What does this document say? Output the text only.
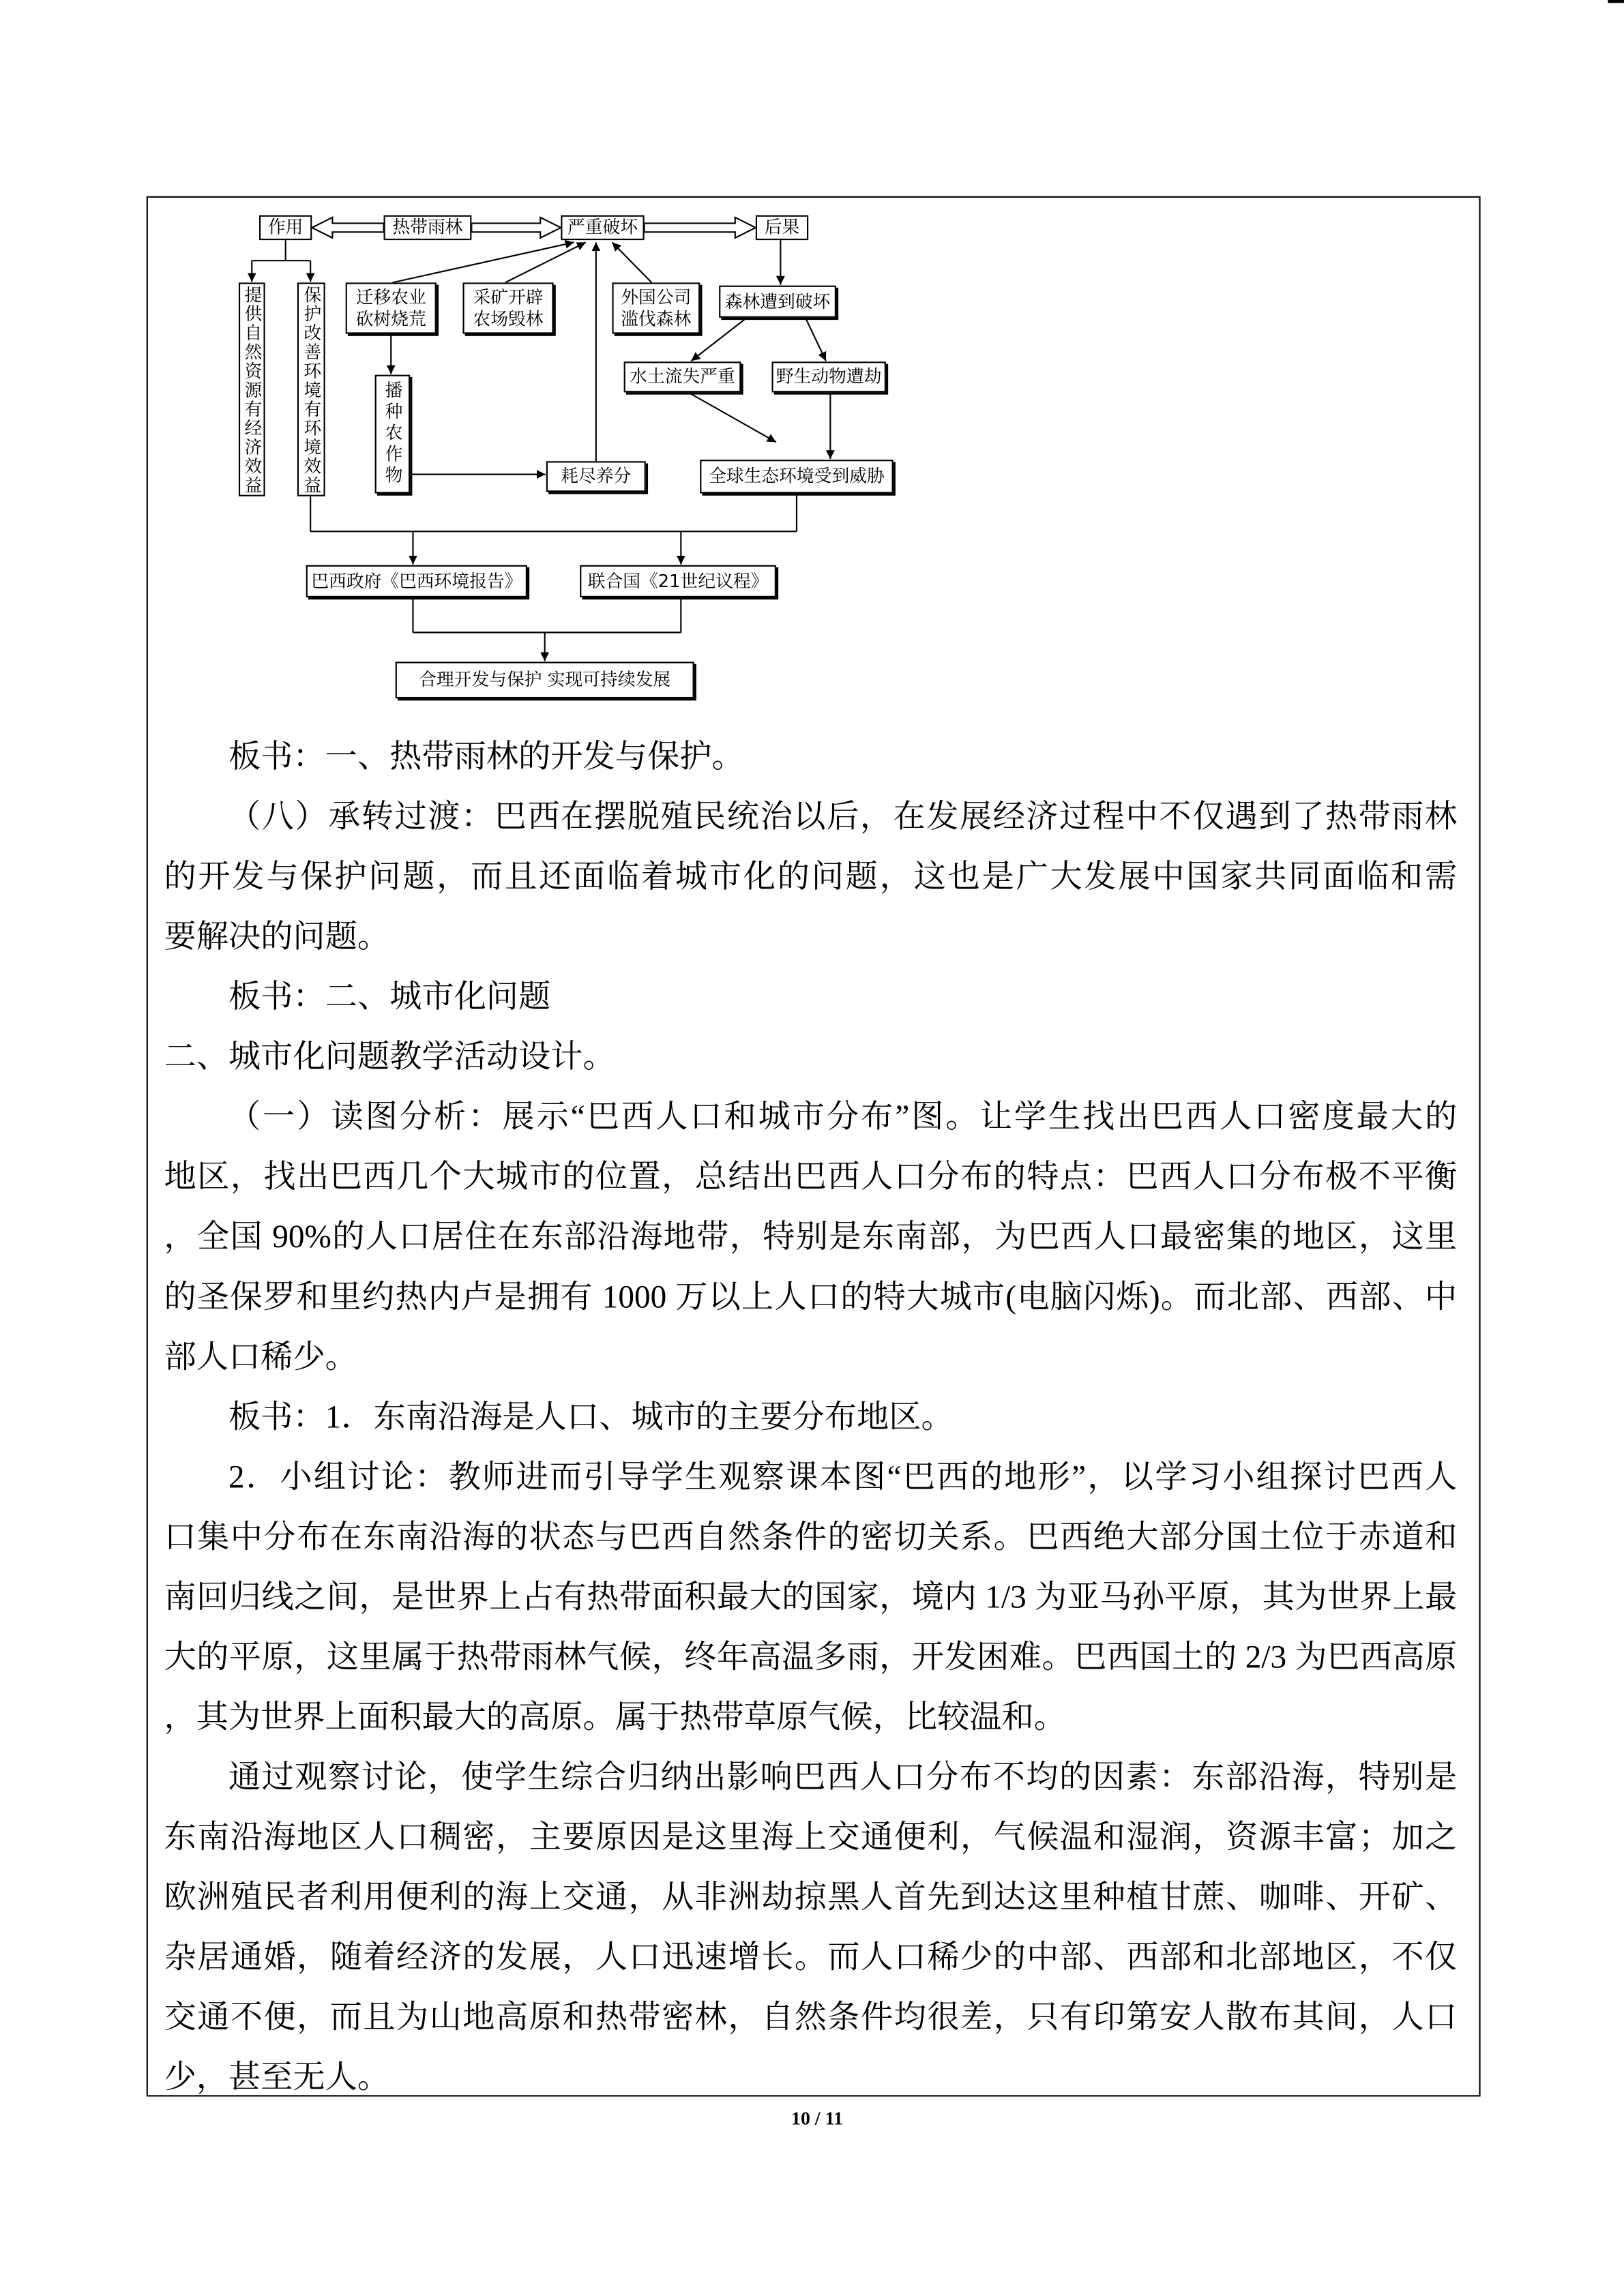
作用	热带雨林	严重破坏	后果
提供自然资源有经济效益	保护改善环境有环境效益	迁移农业
砍树烧荒
采矿开辟
农场毁林
外国公司
滥伐森林
森林遭到破坏
水土流失严重	野生动物遭劫
播种农作物	耗尽养分	全球生态环境受到威胁
巴西政府《巴西环境报告》	联合国《21世纪议程》
合理开发与保护 实现可持续发展
板书：一、热带雨林的开发与保护。
（八）承转过渡：巴西在摆脱殖民统治以后，在发展经济过程中不仅遇到了热带雨林
的开发与保护问题，而且还面临着城市化的问题，这也是广大发展中国家共同面临和需
要解决的问题。
板书：二、城市化问题
二、城市化问题教学活动设计。
（一）读图分析：展示“巴西人口和城市分布”图。让学生找出巴西人口密度最大的
地区，找出巴西几个大城市的位置，总结出巴西人口分布的特点：巴西人口分布极不平衡
，全国 90%的人口居住在东部沿海地带，特别是东南部，为巴西人口最密集的地区，这里
的圣保罗和里约热内卢是拥有 1000 万以上人口的特大城市(电脑闪烁)。而北部、西部、中
部人口稀少。
板书：1．东南沿海是人口、城市的主要分布地区。
2．小组讨论：教师进而引导学生观察课本图“巴西的地形”，以学习小组探讨巴西人
口集中分布在东南沿海的状态与巴西自然条件的密切关系。巴西绝大部分国土位于赤道和
南回归线之间，是世界上占有热带面积最大的国家，境内 1/3 为亚马孙平原，其为世界上最
大的平原，这里属于热带雨林气候，终年高温多雨，开发困难。巴西国土的 2/3 为巴西高原
，其为世界上面积最大的高原。属于热带草原气候，比较温和。
通过观察讨论，使学生综合归纳出影响巴西人口分布不均的因素：东部沿海，特别是
东南沿海地区人口稠密，主要原因是这里海上交通便利，气候温和湿润，资源丰富；加之
欧洲殖民者利用便利的海上交通，从非洲劫掠黑人首先到达这里种植甘蔗、咖啡、开矿、
杂居通婚，随着经济的发展，人口迅速增长。而人口稀少的中部、西部和北部地区，不仅
交通不便，而且为山地高原和热带密林，自然条件均很差，只有印第安人散布其间，人口
少，甚至无人。
10 / 11
